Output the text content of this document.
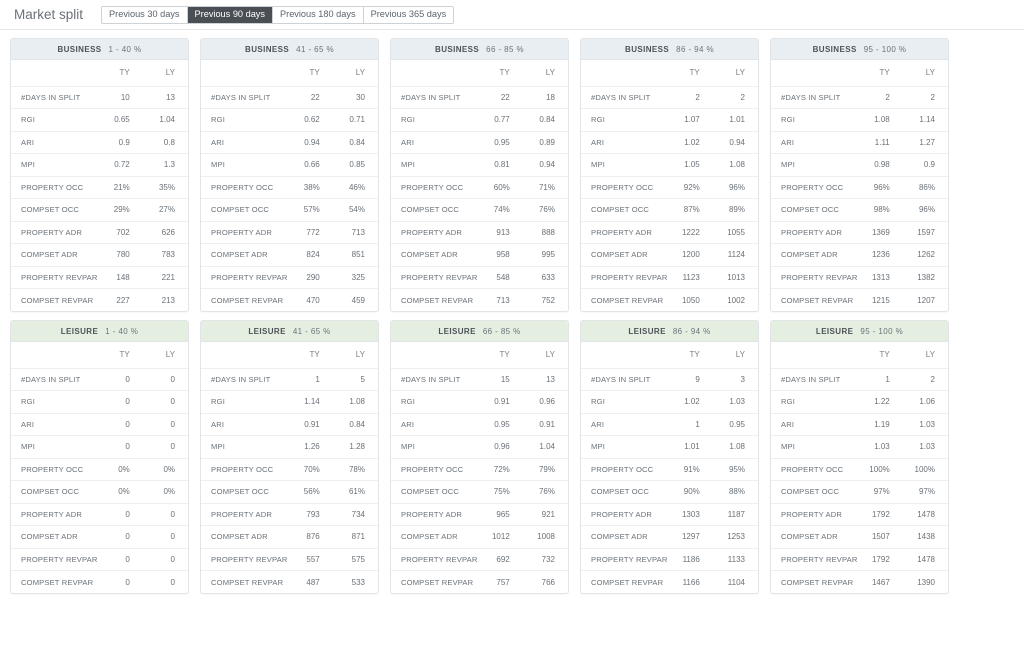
Market split	Previous 30 days	Previous 90 days	Previous 180 days	Previous 365 days
BUSINESS 1 - 40 %
	TY	LY
#DAYS IN SPLIT	10	13
RGI	0.65	1.04
ARI	0.9	0.8
MPI	0.72	1.3
PROPERTY OCC	21%	35%
COMPSET OCC	29%	27%
PROPERTY ADR	702	626
COMPSET ADR	780	783
PROPERTY REVPAR	148	221
COMPSET REVPAR	227	213
BUSINESS 41 - 65 %
	TY	LY
#DAYS IN SPLIT	22	30
RGI	0.62	0.71
ARI	0.94	0.84
MPI	0.66	0.85
PROPERTY OCC	38%	46%
COMPSET OCC	57%	54%
PROPERTY ADR	772	713
COMPSET ADR	824	851
PROPERTY REVPAR	290	325
COMPSET REVPAR	470	459
BUSINESS 66 - 85 %
	TY	LY
#DAYS IN SPLIT	22	18
RGI	0.77	0.84
ARI	0.95	0.89
MPI	0.81	0.94
PROPERTY OCC	60%	71%
COMPSET OCC	74%	76%
PROPERTY ADR	913	888
COMPSET ADR	958	995
PROPERTY REVPAR	548	633
COMPSET REVPAR	713	752
BUSINESS 86 - 94 %
	TY	LY
#DAYS IN SPLIT	2	2
RGI	1.07	1.01
ARI	1.02	0.94
MPI	1.05	1.08
PROPERTY OCC	92%	96%
COMPSET OCC	87%	89%
PROPERTY ADR	1222	1055
COMPSET ADR	1200	1124
PROPERTY REVPAR	1123	1013
COMPSET REVPAR	1050	1002
BUSINESS 95 - 100 %
	TY	LY
#DAYS IN SPLIT	2	2
RGI	1.08	1.14
ARI	1.11	1.27
MPI	0.98	0.9
PROPERTY OCC	96%	86%
COMPSET OCC	98%	96%
PROPERTY ADR	1369	1597
COMPSET ADR	1236	1262
PROPERTY REVPAR	1313	1382
COMPSET REVPAR	1215	1207
LEISURE 1 - 40 %
	TY	LY
#DAYS IN SPLIT	0	0
RGI	0	0
ARI	0	0
MPI	0	0
PROPERTY OCC	0%	0%
COMPSET OCC	0%	0%
PROPERTY ADR	0	0
COMPSET ADR	0	0
PROPERTY REVPAR	0	0
COMPSET REVPAR	0	0
LEISURE 41 - 65 %
	TY	LY
#DAYS IN SPLIT	1	5
RGI	1.14	1.08
ARI	0.91	0.84
MPI	1.26	1.28
PROPERTY OCC	70%	78%
COMPSET OCC	56%	61%
PROPERTY ADR	793	734
COMPSET ADR	876	871
PROPERTY REVPAR	557	575
COMPSET REVPAR	487	533
LEISURE 66 - 85 %
	TY	LY
#DAYS IN SPLIT	15	13
RGI	0.91	0.96
ARI	0.95	0.91
MPI	0.96	1.04
PROPERTY OCC	72%	79%
COMPSET OCC	75%	76%
PROPERTY ADR	965	921
COMPSET ADR	1012	1008
PROPERTY REVPAR	692	732
COMPSET REVPAR	757	766
LEISURE 86 - 94 %
	TY	LY
#DAYS IN SPLIT	9	3
RGI	1.02	1.03
ARI	1	0.95
MPI	1.01	1.08
PROPERTY OCC	91%	95%
COMPSET OCC	90%	88%
PROPERTY ADR	1303	1187
COMPSET ADR	1297	1253
PROPERTY REVPAR	1186	1133
COMPSET REVPAR	1166	1104
LEISURE 95 - 100 %
	TY	LY
#DAYS IN SPLIT	1	2
RGI	1.22	1.06
ARI	1.19	1.03
MPI	1.03	1.03
PROPERTY OCC	100%	100%
COMPSET OCC	97%	97%
PROPERTY ADR	1792	1478
COMPSET ADR	1507	1438
PROPERTY REVPAR	1792	1478
COMPSET REVPAR	1467	1390
